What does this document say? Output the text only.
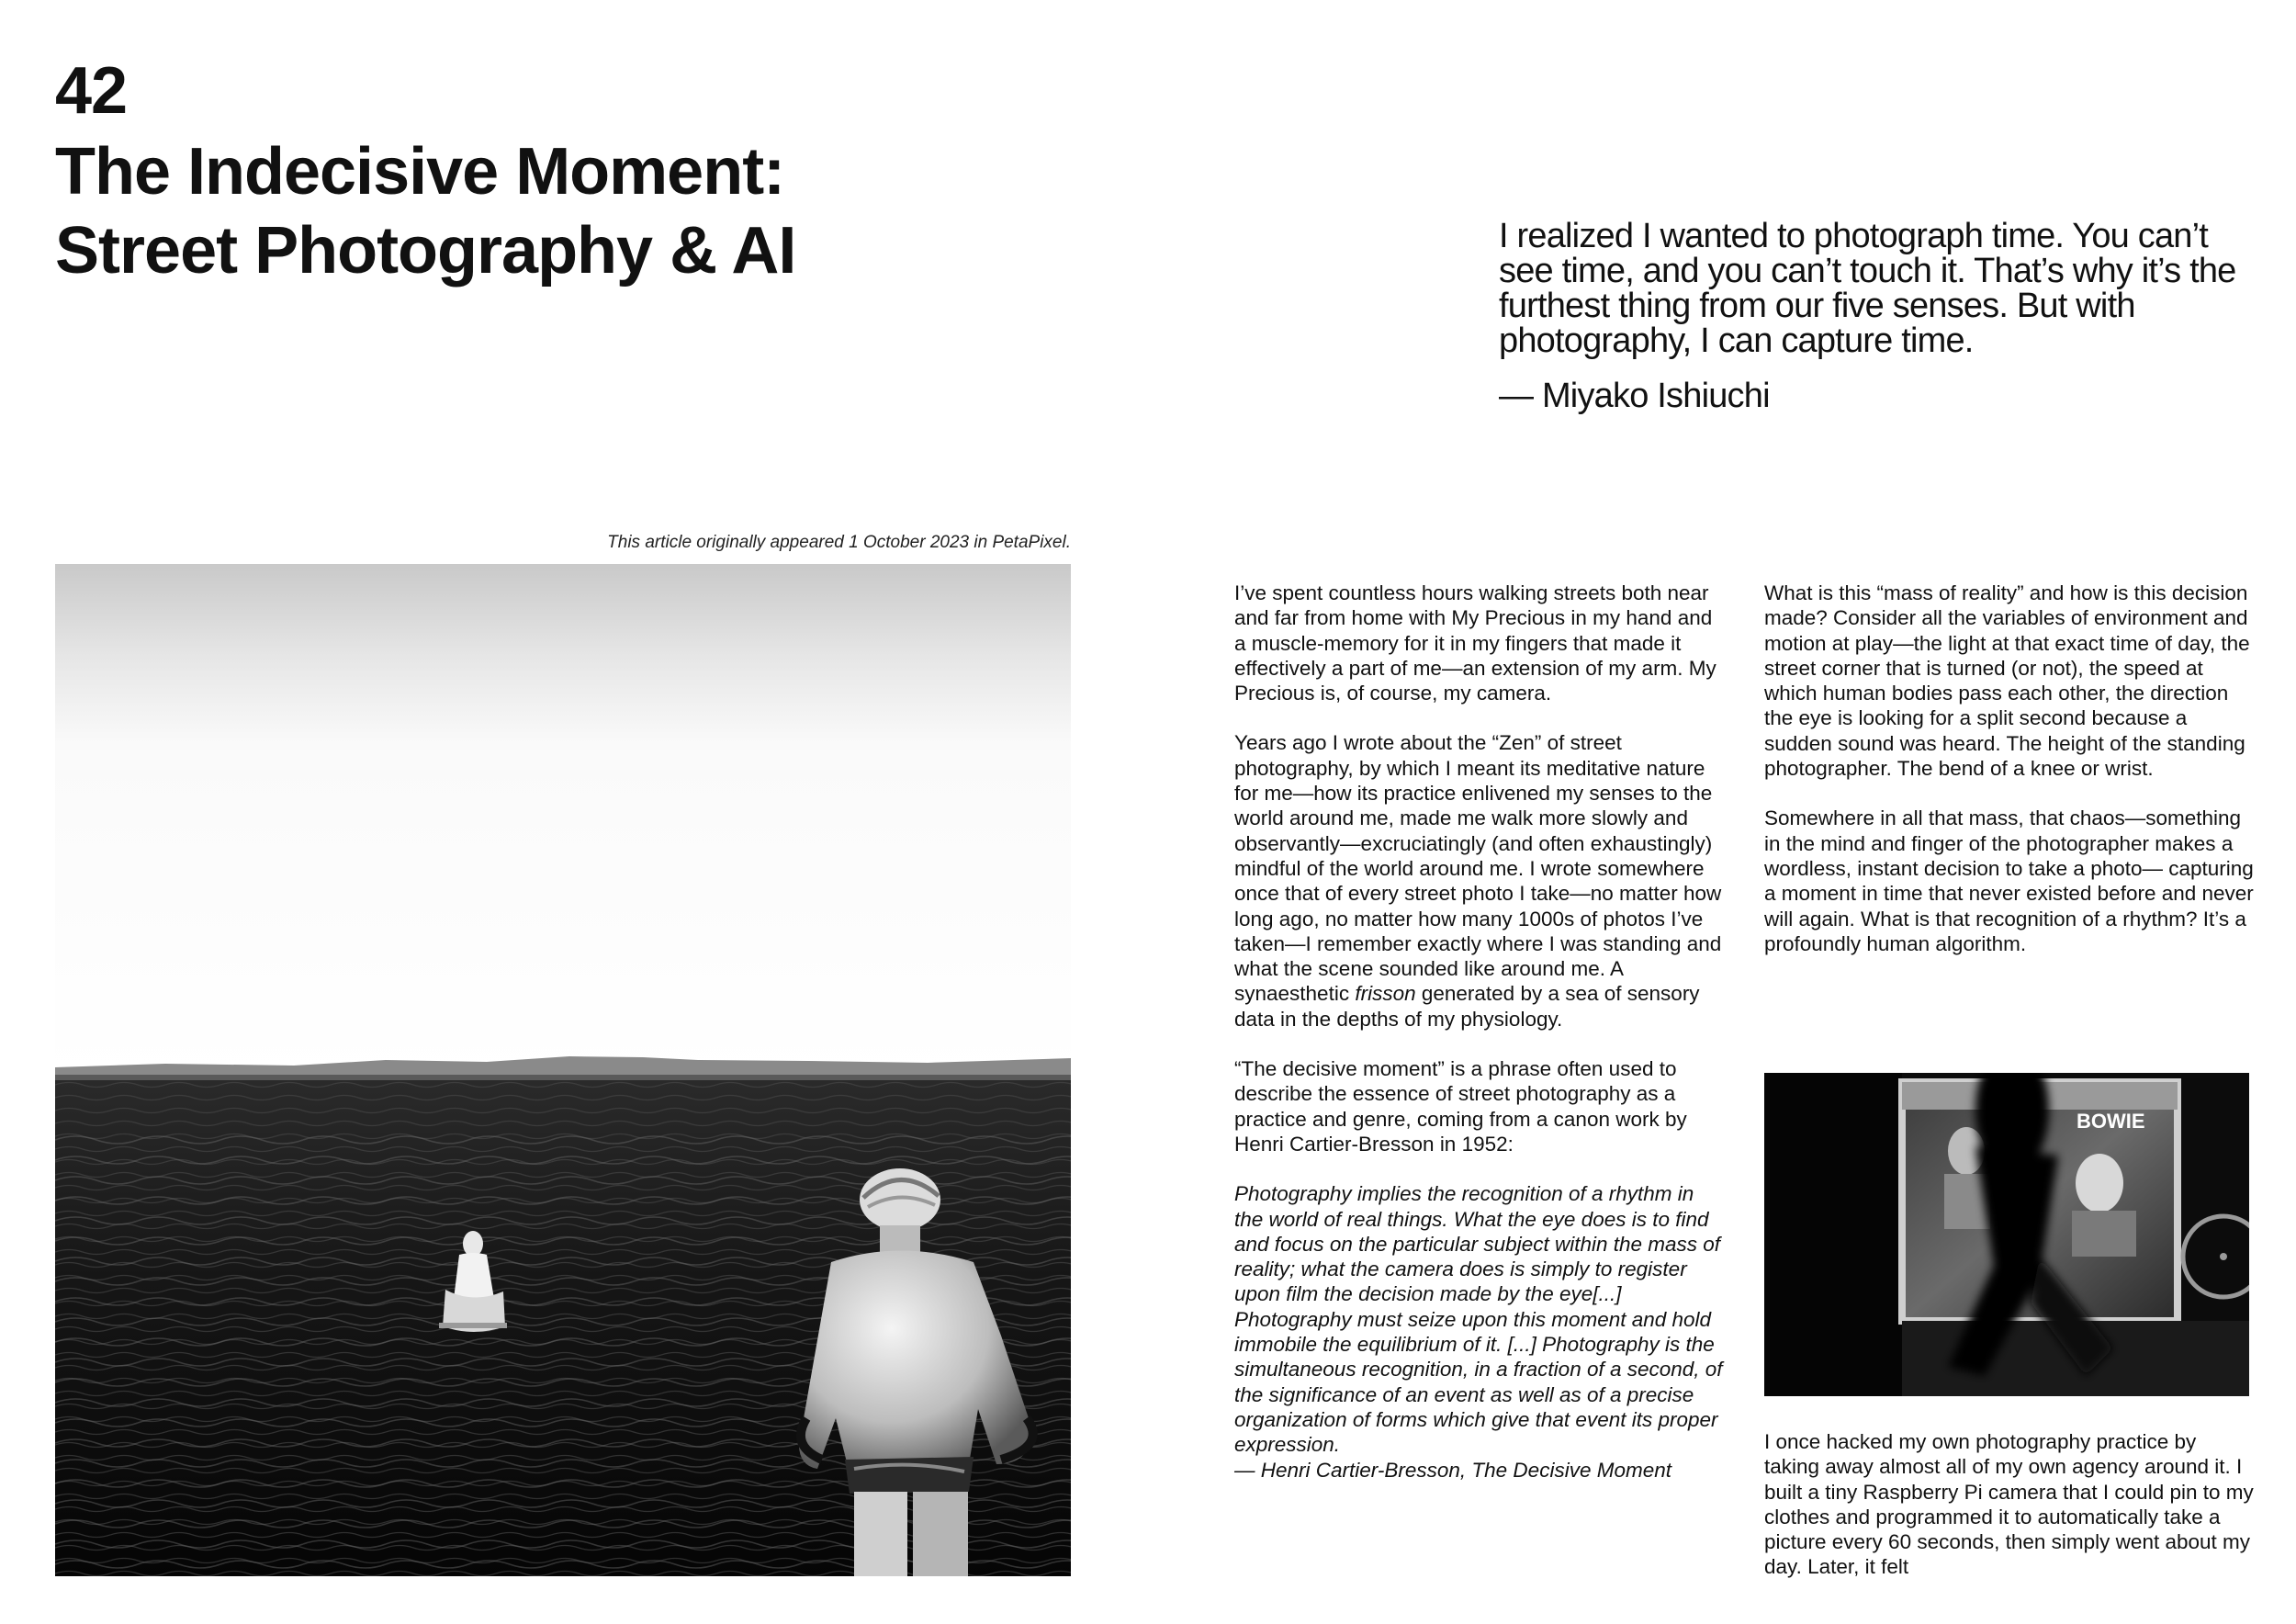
42
The Indecisive Moment:
Street Photography & AI	I realized I wanted to photograph time. You can’t see time, and you can’t touch it. That’s why it’s the furthest thing from our five senses. But with photography, I can capture time.

— Miyako Ishiuchi
This article originally appeared 1 October 2023 in PetaPixel.

I’ve spent countless hours walking streets both near and far from home with My Precious in my hand and a muscle-memory for it in my fingers that made it effectively a part of me—an extension of my arm. My Precious is, of course, my camera.

Years ago I wrote about the “Zen” of street photography, by which I meant its meditative nature for me—how its practice enlivened my senses to the world around me, made me walk more slowly and observantly—excruciatingly (and often exhaustingly) mindful of the world around me. I wrote somewhere once that of every street photo I take—no matter how long ago, no matter how many 1000s of photos I’ve taken—I remember exactly where I was standing and what the scene sounded like around me. A synaesthetic frisson generated by a sea of sensory data in the depths of my physiology.

“The decisive moment” is a phrase often used to describe the essence of street photography as a practice and genre, coming from a canon work by Henri Cartier-Bresson in 1952:

Photography implies the recognition of a rhythm in the world of real things. What the eye does is to find and focus on the particular subject within the mass of reality; what the camera does is simply to register upon film the decision made by the eye[...] Photography must seize upon this moment and hold immobile the equilibrium of it. [...] Photography is the simultaneous recognition, in a fraction of a second, of the significance of an event as well as of a precise organization of forms which give that event its proper expression.
— Henri Cartier-Bresson, The Decisive Moment

What is this “mass of reality” and how is this decision made? Consider all the variables of environment and motion at play—the light at that exact time of day, the street corner that is turned (or not), the speed at which human bodies pass each other, the direction the eye is looking for a split second because a sudden sound was heard. The height of the standing photographer. The bend of a knee or wrist.

Somewhere in all that mass, that chaos—something in the mind and finger of the photographer makes a wordless, instant decision to take a photo— capturing a moment in time that never existed before and never will again. What is that recognition of a rhythm? It’s a profoundly human algorithm.

BOWIE

I once hacked my own photography practice by taking away almost all of my own agency around it. I built a tiny Raspberry Pi camera that I could pin to my clothes and programmed it to automatically take a picture every 60 seconds, then simply went about my day. Later, it felt
